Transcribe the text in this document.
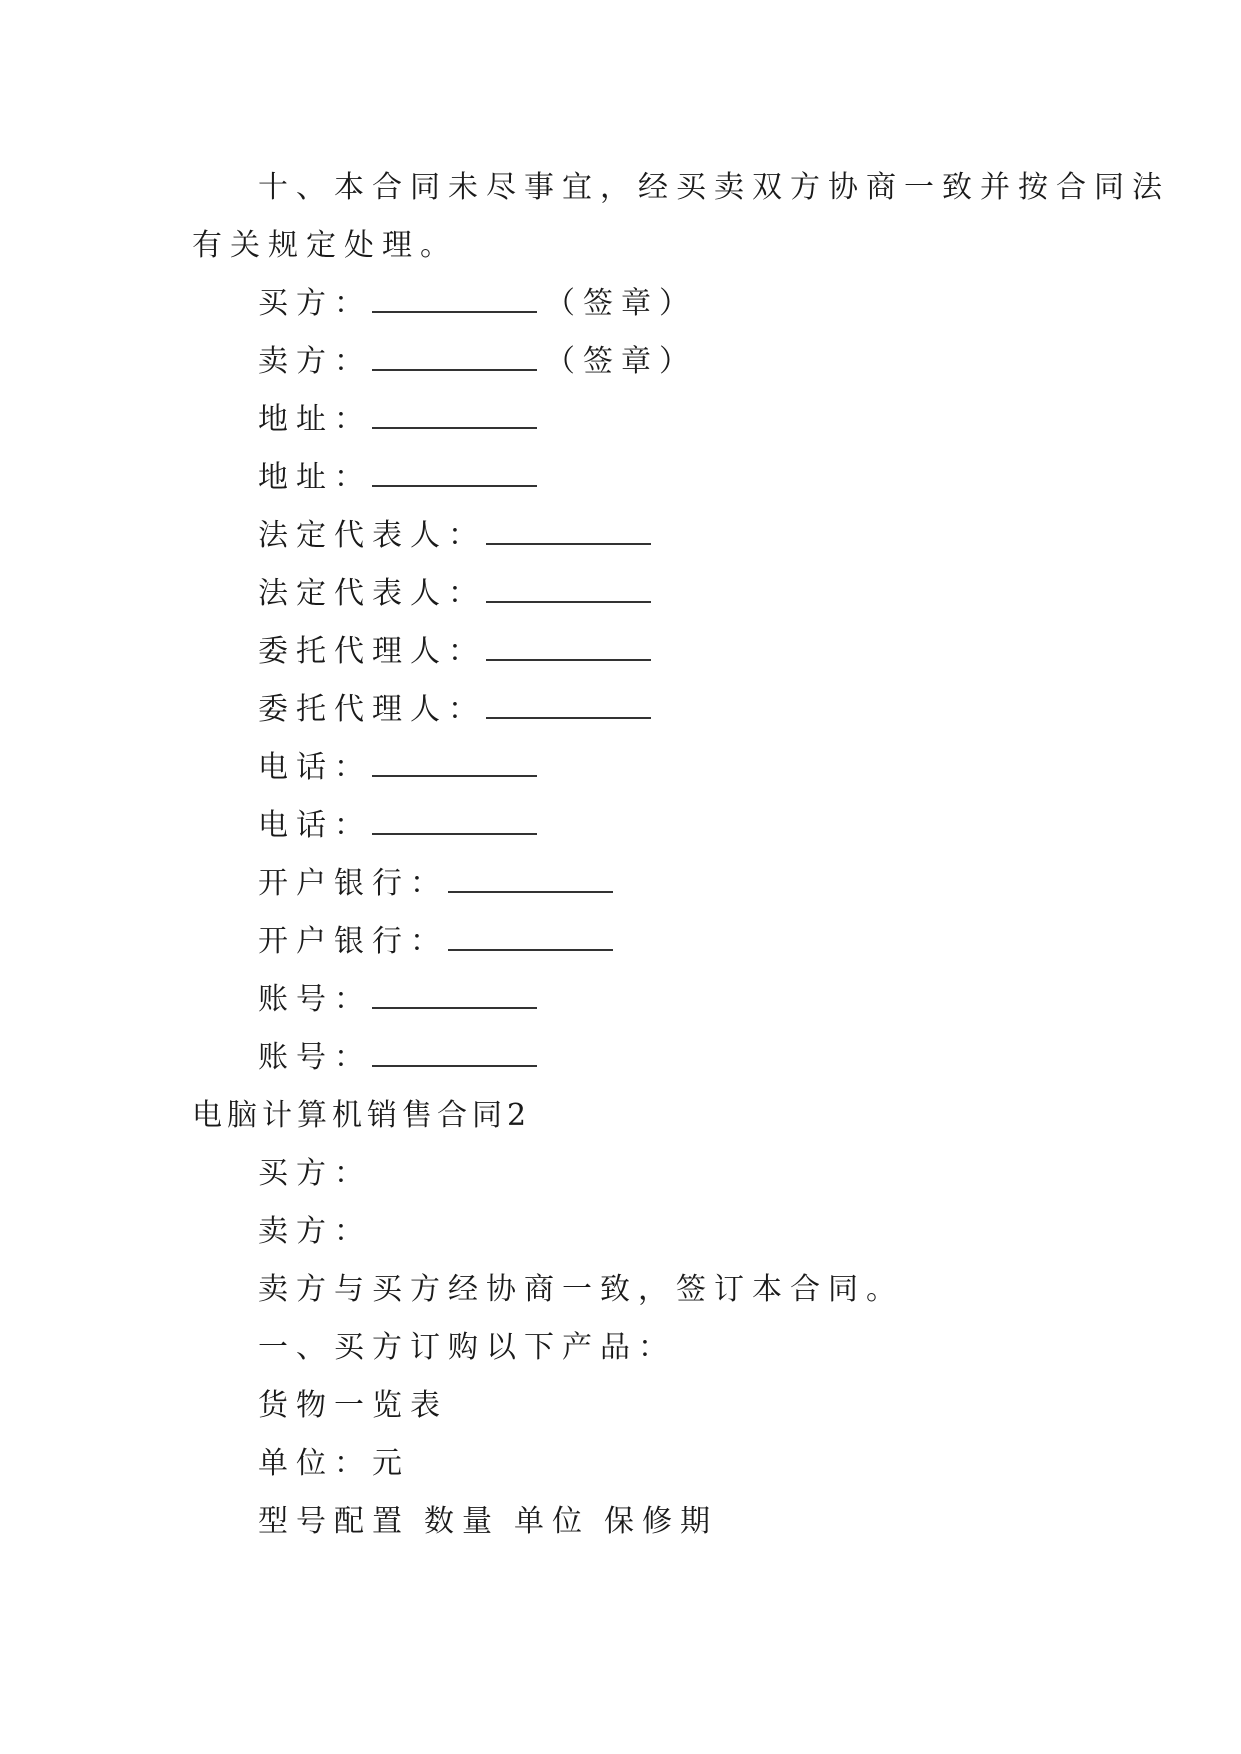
十、本合同未尽事宜，经买卖双方协商一致并按合同法
有关规定处理。
买方：	（签章）
卖方：	（签章）
地址：
地址：
法定代表人：
法定代表人：
委托代理人：
委托代理人：
电话：
电话：
开户银行：
开户银行：
账号：
账号：
电脑计算机销售合同2
买方：
卖方：
卖方与买方经协商一致，签订本合同。
一、买方订购以下产品：
货物一览表
单位：元
型号配置 数量 单位 保修期
